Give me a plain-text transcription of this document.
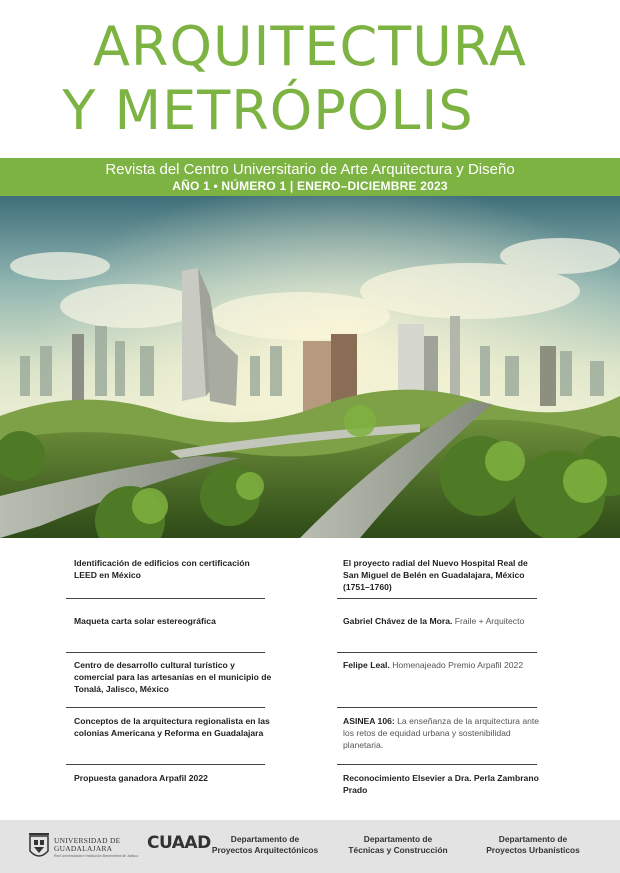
ARQUITECTURA
Y METRÓPOLIS
Revista del Centro Universitario de Arte Arquitectura y Diseño
AÑO 1 • NÚMERO 1 | ENERO–DICIEMBRE 2023
Identificación de edificios con certificación LEED en México
Maqueta carta solar estereográfica
Centro de desarrollo cultural turístico y comercial para las artesanías en el municipio de Tonalá, Jalisco, México
Conceptos de la arquitectura regionalista en las colonias Americana y Reforma en Guadalajara
Propuesta ganadora Arpafil 2022
El proyecto radial del Nuevo Hospital Real de San Miguel de Belén en Guadalajara, México (1751–1760)
Gabriel Chávez de la Mora. Fraile + Arquitecto
Felipe Leal. Homenajeado Premio Arpafil 2022
ASINEA 106: La enseñanza de la arquitectura ante los retos de equidad urbana y sostenibilidad planetaria.
Reconocimiento Elsevier a Dra. Perla Zambrano Prado
UNIVERSIDAD DE
GUADALAJARA
Red Universitaria e Institución Benemérita de Jalisco
CUAAD	Departamento de
Proyectos Arquitectónicos
Departamento de
Técnicas y Construcción
Departamento de
Proyectos Urbanísticos
